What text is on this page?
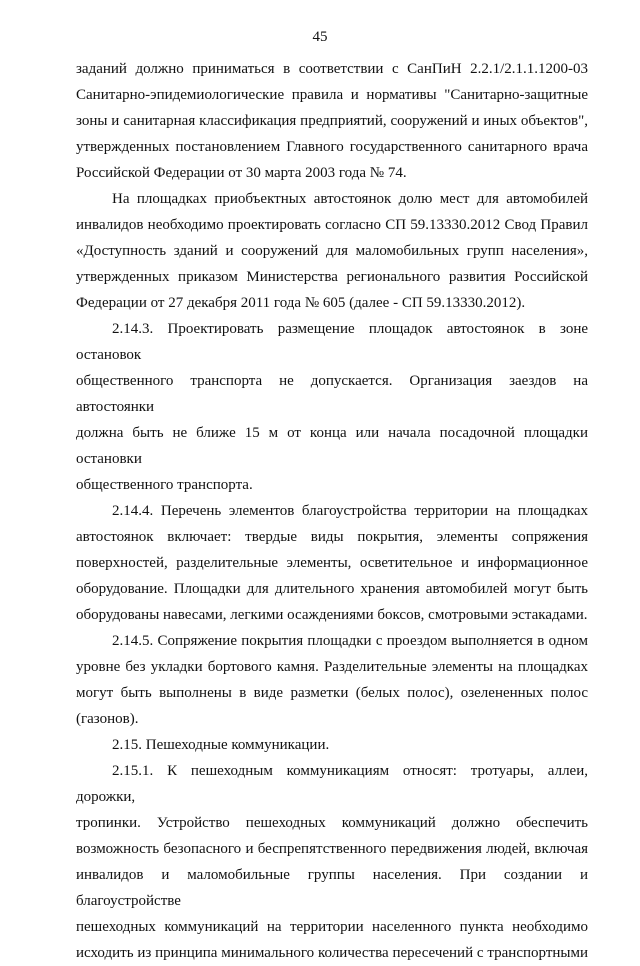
45

заданий должно приниматься в соответствии с СанПиН 2.2.1/2.1.1.1200-03

Санитарно-эпидемиологические правила и нормативы "Санитарно-защитные

зоны и санитарная классификация предприятий, сооружений и иных объектов",

утвержденных постановлением Главного государственного санитарного врача

Российской Федерации от 30 марта 2003 года № 74.

На площадках приобъектных автостоянок долю мест для автомобилей

инвалидов необходимо проектировать согласно СП 59.13330.2012 Свод Правил

«Доступность зданий и сооружений для маломобильных групп населения»,

утвержденных приказом Министерства регионального развития Российской

Федерации от 27 декабря 2011 года № 605 (далее - СП 59.13330.2012).

2.14.3. Проектировать размещение площадок автостоянок в зоне остановок

общественного транспорта не допускается. Организация заездов на автостоянки

должна быть не ближе 15 м от конца или начала посадочной площадки остановки

общественного транспорта.

2.14.4. Перечень элементов благоустройства территории на площадках

автостоянок включает: твердые виды покрытия, элементы сопряжения

поверхностей, разделительные элементы, осветительное и информационное

оборудование. Площадки для длительного хранения автомобилей могут быть

оборудованы навесами, легкими осаждениями боксов, смотровыми эстакадами.

2.14.5. Сопряжение покрытия площадки с проездом выполняется в одном

уровне без укладки бортового камня. Разделительные элементы на площадках

могут быть выполнены в виде разметки (белых полос), озелененных полос

(газонов).

2.15. Пешеходные коммуникации.

2.15.1. К пешеходным коммуникациям относят: тротуары, аллеи, дорожки,

тропинки. Устройство пешеходных коммуникаций должно обеспечить

возможность безопасного и беспрепятственного передвижения людей, включая

инвалидов и маломобильные группы населения. При создании и благоустройстве

пешеходных коммуникаций на территории населенного пункта необходимо

исходить из принципа минимального количества пересечений с транспортными
